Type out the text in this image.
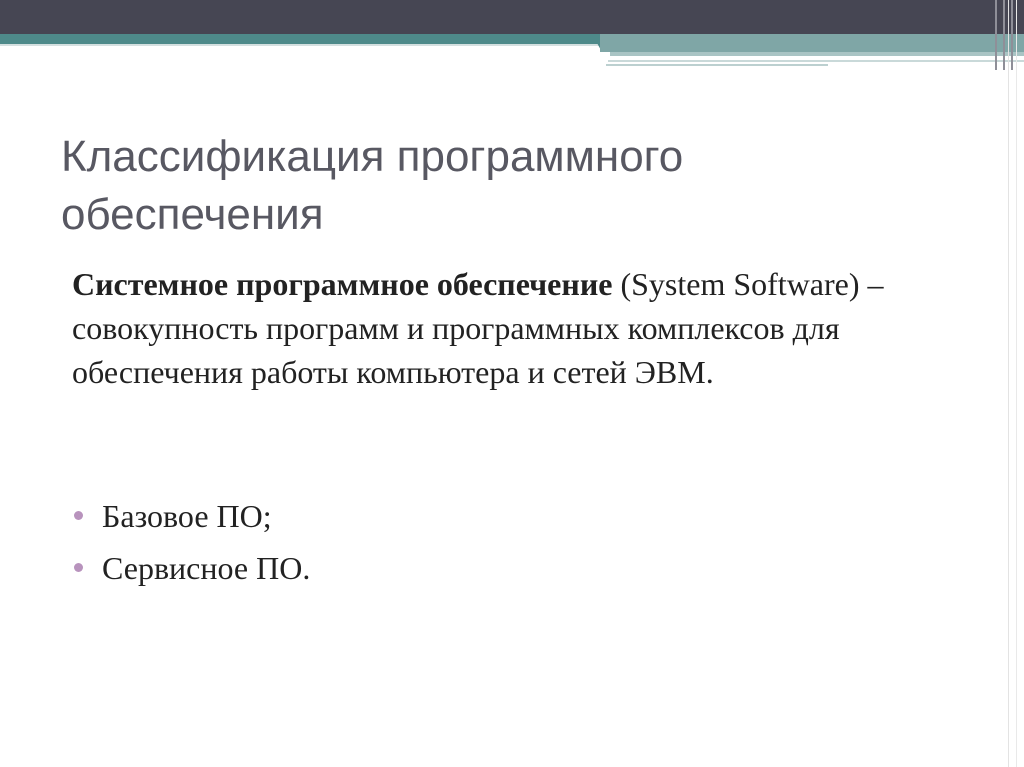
Классификация программного обеспечения
Системное программное обеспечение (System Software) – совокупность программ и программных комплексов для обеспечения работы компьютера и сетей ЭВМ.
Базовое ПО;
Сервисное ПО.
